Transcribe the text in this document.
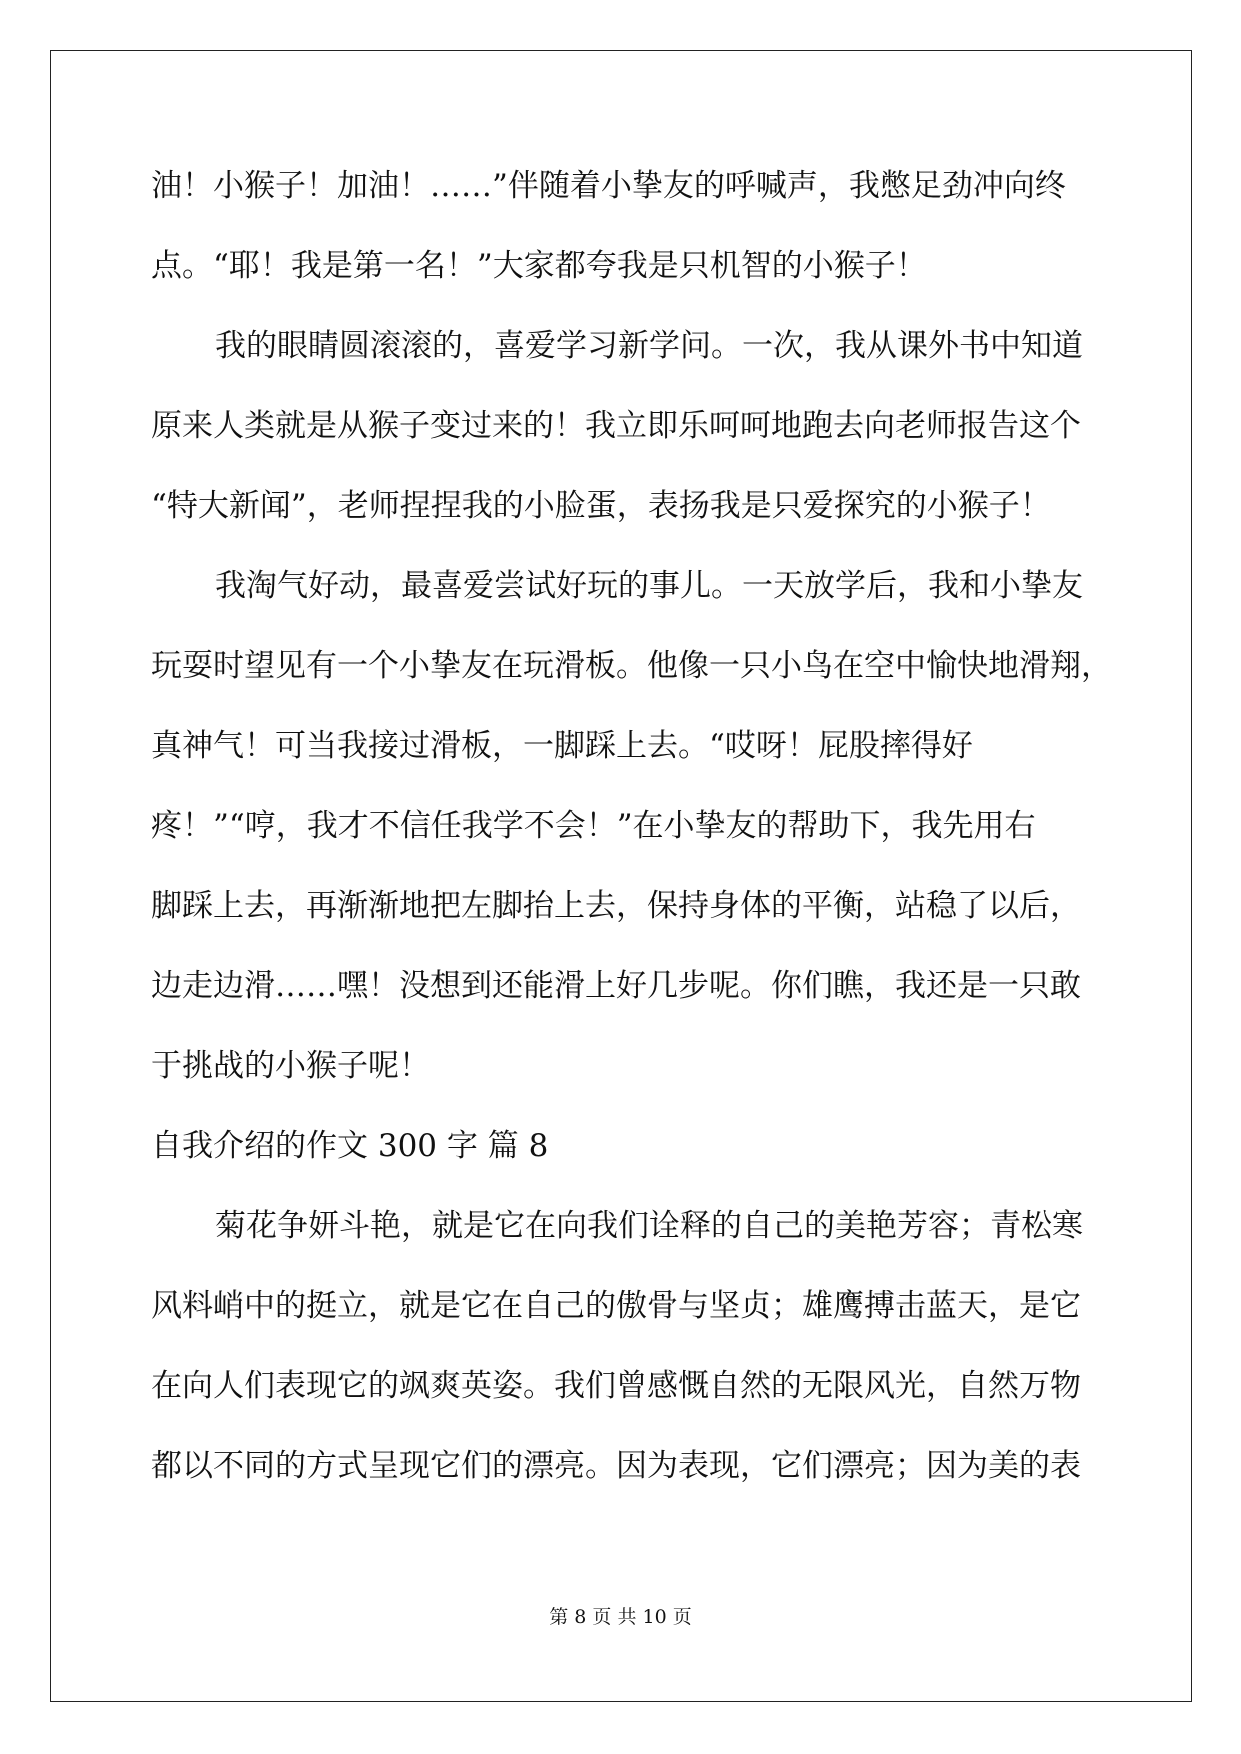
油！小猴子！加油！……”伴随着小挚友的呼喊声，我憋足劲冲向终
点。“耶！我是第一名！”大家都夸我是只机智的小猴子！
我的眼睛圆滚滚的，喜爱学习新学问。一次，我从课外书中知道
原来人类就是从猴子变过来的！我立即乐呵呵地跑去向老师报告这个
“特大新闻”，老师捏捏我的小脸蛋，表扬我是只爱探究的小猴子！
我淘气好动，最喜爱尝试好玩的事儿。一天放学后，我和小挚友
玩耍时望见有一个小挚友在玩滑板。他像一只小鸟在空中愉快地滑翔，
真神气！可当我接过滑板，一脚踩上去。“哎呀！屁股摔得好
疼！”“哼，我才不信任我学不会！”在小挚友的帮助下，我先用右
脚踩上去，再渐渐地把左脚抬上去，保持身体的平衡，站稳了以后，
边走边滑……嘿！没想到还能滑上好几步呢。你们瞧，我还是一只敢
于挑战的小猴子呢！
自我介绍的作文 300 字 篇 8
菊花争妍斗艳，就是它在向我们诠释的自己的美艳芳容；青松寒
风料峭中的挺立，就是它在自己的傲骨与坚贞；雄鹰搏击蓝天，是它
在向人们表现它的飒爽英姿。我们曾感慨自然的无限风光，自然万物
都以不同的方式呈现它们的漂亮。因为表现，它们漂亮；因为美的表
第 8 页 共 10 页
